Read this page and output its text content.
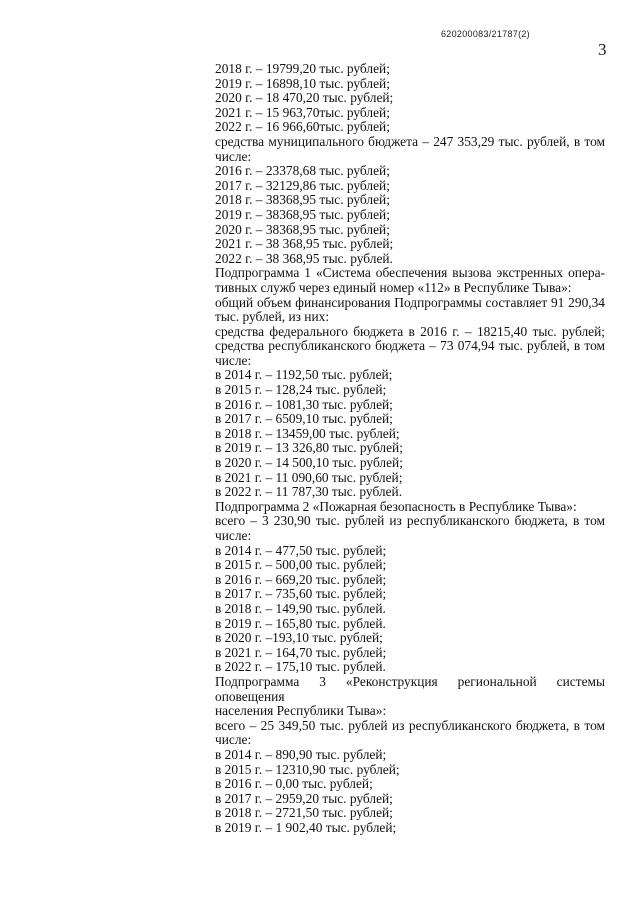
620200083/21787(2)
3
2018 г. – 19799,20 тыс. рублей;
2019 г. – 16898,10 тыс. рублей;
2020 г. – 18 470,20 тыс. рублей;
2021 г. – 15 963,70тыс. рублей;
2022 г. – 16 966,60тыс. рублей;
средства муниципального бюджета – 247 353,29 тыс. рублей, в том
числе:
2016 г. – 23378,68 тыс. рублей;
2017 г. – 32129,86 тыс. рублей;
2018 г. – 38368,95 тыс. рублей;
2019 г. – 38368,95 тыс. рублей;
2020 г. – 38368,95 тыс. рублей;
2021 г. – 38 368,95 тыс. рублей;
2022 г. – 38 368,95 тыс. рублей.
Подпрограмма 1 «Система обеспечения вызова экстренных опера-
тивных служб через единый номер «112» в Республике Тыва»:
общий объем финансирования Подпрограммы составляет 91 290,34
тыс. рублей, из них:
средства федерального бюджета в 2016 г. – 18215,40 тыс. рублей;
средства республиканского бюджета – 73 074,94 тыс. рублей, в том
числе:
в 2014 г. – 1192,50 тыс. рублей;
в 2015 г. – 128,24 тыс. рублей;
в 2016 г. – 1081,30 тыс. рублей;
в 2017 г. – 6509,10 тыс. рублей;
в 2018 г. – 13459,00 тыс. рублей;
в 2019 г. – 13 326,80 тыс. рублей;
в 2020 г. – 14 500,10 тыс. рублей;
в 2021 г. – 11 090,60 тыс. рублей;
в 2022 г. – 11 787,30 тыс. рублей.
Подпрограмма 2 «Пожарная безопасность в Республике Тыва»:
всего – 3 230,90 тыс. рублей из республиканского бюджета, в том
числе:
в 2014 г. – 477,50 тыс. рублей;
в 2015 г. – 500,00 тыс. рублей;
в 2016 г. – 669,20 тыс. рублей;
в 2017 г. – 735,60 тыс. рублей;
в 2018 г. – 149,90 тыс. рублей.
в 2019 г. – 165,80 тыс. рублей.
в 2020 г. –193,10 тыс. рублей;
в 2021 г. – 164,70 тыс. рублей;
в 2022 г. – 175,10 тыс. рублей.
Подпрограмма 3 «Реконструкция региональной системы оповещения
населения Республики Тыва»:
всего – 25 349,50 тыс. рублей из республиканского бюджета, в том
числе:
в 2014 г. – 890,90 тыс. рублей;
в 2015 г. – 12310,90 тыс. рублей;
в 2016 г. – 0,00 тыс. рублей;
в 2017 г. – 2959,20 тыс. рублей;
в 2018 г. – 2721,50 тыс. рублей;
в 2019 г. – 1 902,40 тыс. рублей;
